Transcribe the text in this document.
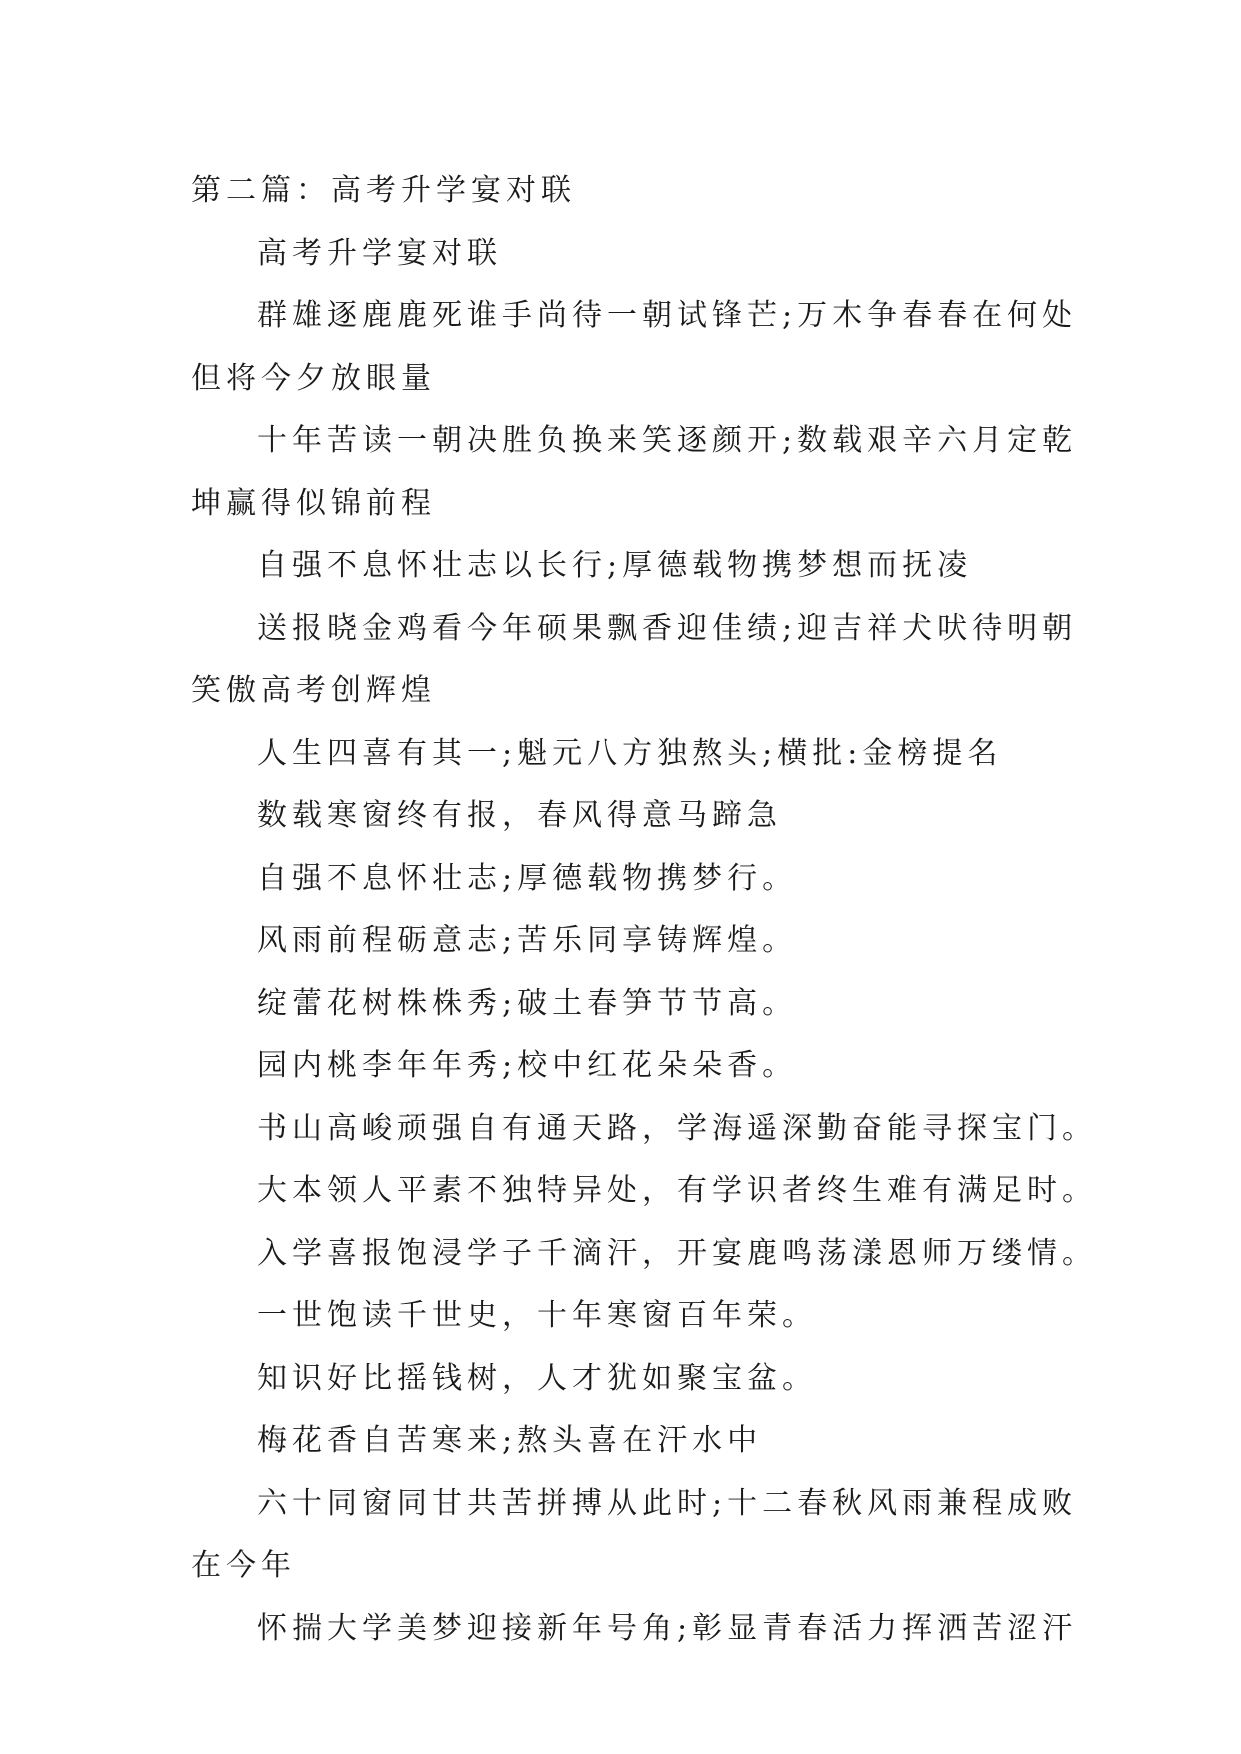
第二篇：高考升学宴对联
高考升学宴对联
群雄逐鹿鹿死谁手尚待一朝试锋芒;万木争春春在何处
但将今夕放眼量
十年苦读一朝决胜负换来笑逐颜开;数载艰辛六月定乾
坤赢得似锦前程
自强不息怀壮志以长行;厚德载物携梦想而抚凌
送报晓金鸡看今年硕果飘香迎佳绩;迎吉祥犬吠待明朝
笑傲高考创辉煌
人生四喜有其一;魁元八方独熬头;横批:金榜提名
数载寒窗终有报，春风得意马蹄急
自强不息怀壮志;厚德载物携梦行。
风雨前程砺意志;苦乐同享铸辉煌。
绽蕾花树株株秀;破土春笋节节高。
园内桃李年年秀;校中红花朵朵香。
书山高峻顽强自有通天路，学海遥深勤奋能寻探宝门。
大本领人平素不独特异处，有学识者终生难有满足时。
入学喜报饱浸学子千滴汗，开宴鹿鸣荡漾恩师万缕情。
一世饱读千世史，十年寒窗百年荣。
知识好比摇钱树，人才犹如聚宝盆。
梅花香自苦寒来;熬头喜在汗水中
六十同窗同甘共苦拼搏从此时;十二春秋风雨兼程成败
在今年
怀揣大学美梦迎接新年号角;彰显青春活力挥洒苦涩汗
